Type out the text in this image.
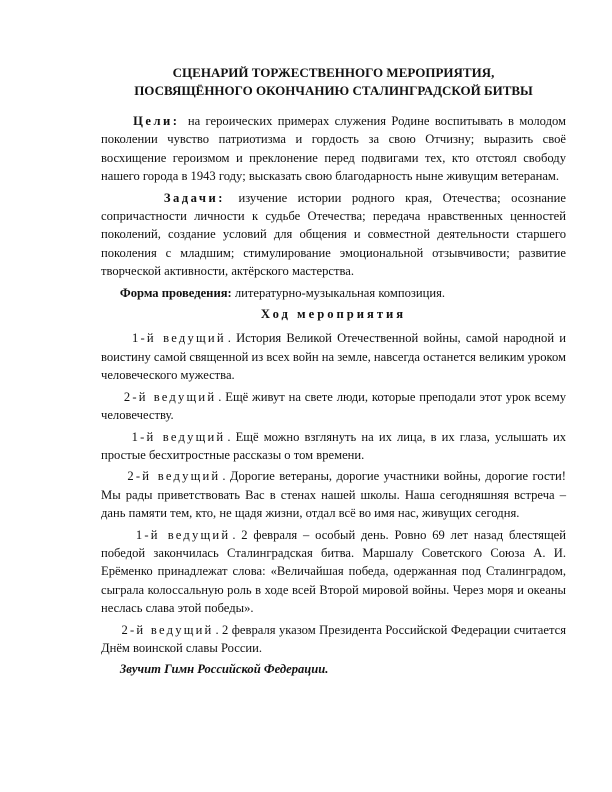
СЦЕНАРИЙ ТОРЖЕСТВЕННОГО МЕРОПРИЯТИЯ,
ПОСВЯЩЁННОГО ОКОНЧАНИЮ СТАЛИНГРАДСКОЙ БИТВЫ

Цели: на героических примерах служения Родине воспитывать в молодом поколении чувство патриотизма и гордость за свою Отчизну; выразить своё восхищение героизмом и преклонение перед подвигами тех, кто отстоял свободу нашего города в 1943 году; высказать свою благодарность ныне живущим ветеранам.

Задачи: изучение истории родного края, Отечества; осознание сопричастности личности к судьбе Отечества; передача нравственных ценностей поколений, создание условий для общения и совместной деятельности старшего поколения с младшим; стимулирование эмоциональной отзывчивости; развитие творческой активности, актёрского мастерства.

Форма проведения: литературно-музыкальная композиция.

Ход мероприятия

1-й ведущий . История Великой Отечественной войны, самой народной и воистину самой священной из всех войн на земле, навсегда останется великим уроком человеческого мужества.

2-й ведущий . Ещё живут на свете люди, которые преподали этот урок всему человечеству.

1-й ведущий . Ещё можно взглянуть на их лица, в их глаза, услышать их простые бесхитростные рассказы о том времени.

2-й ведущий . Дорогие ветераны, дорогие участники войны, дорогие гости! Мы рады приветствовать Вас в стенах нашей школы. Наша сегодняшняя встреча – дань памяти тем, кто, не щадя жизни, отдал всё во имя нас, живущих сегодня.

1-й ведущий . 2 февраля – особый день. Ровно 69 лет назад блестящей победой закончилась Сталинградская битва. Маршалу Советского Союза А. И. Ерёменко принадлежат слова: «Величайшая победа, одержанная под Сталинградом, сыграла колоссальную роль в ходе всей Второй мировой войны. Через моря и океаны неслась слава этой победы».

2-й ведущий . 2 февраля указом Президента Российской Федерации считается Днём воинской славы России.

Звучит Гимн Российской Федерации.
